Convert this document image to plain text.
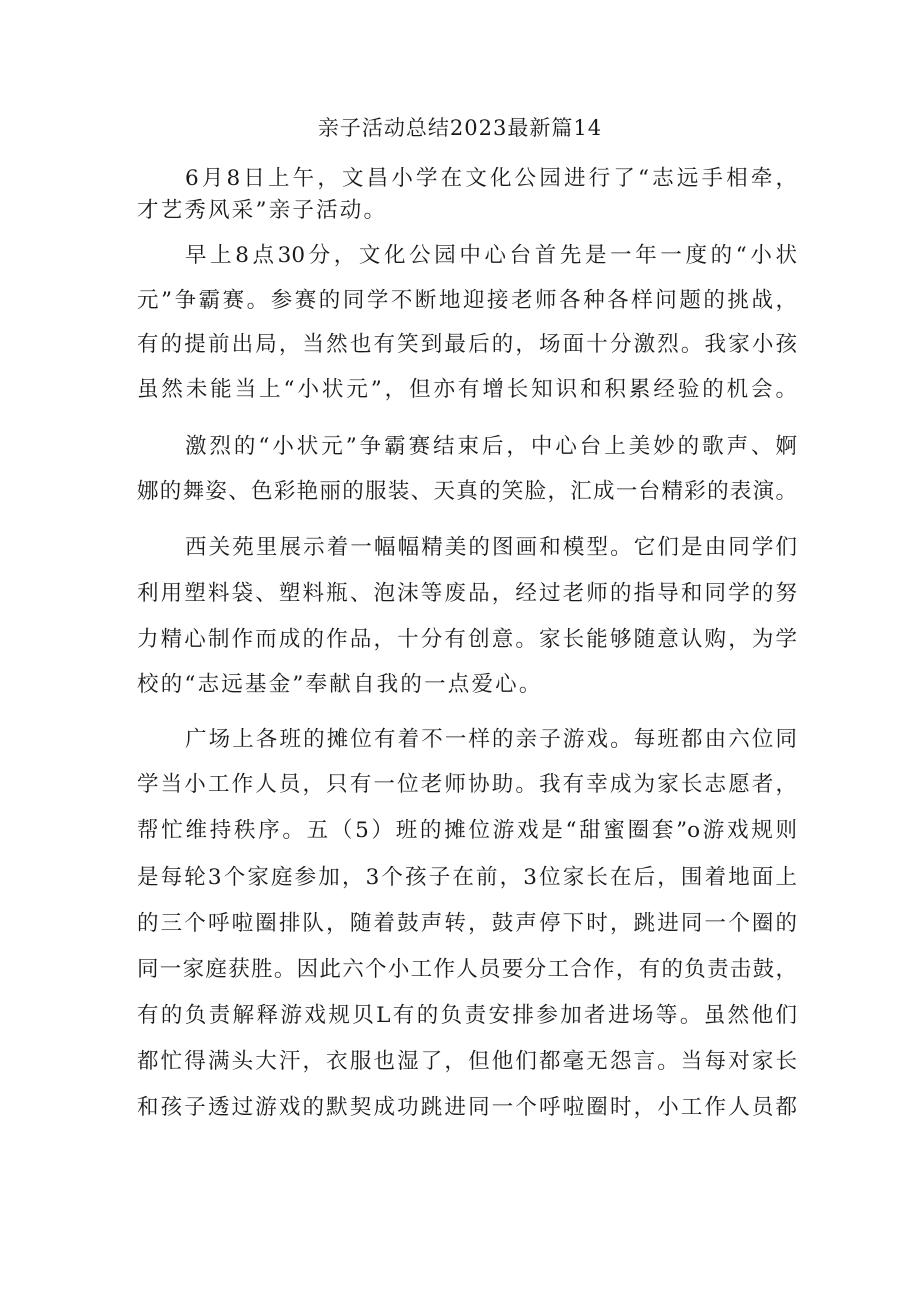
亲子活动总结2023最新篇14
6月8日上午，文昌小学在文化公园进行了“志远手相牵，
才艺秀风采”亲子活动。
早上8点30分，文化公园中心台首先是一年一度的“小状
元”争霸赛。参赛的同学不断地迎接老师各种各样问题的挑战，
有的提前出局，当然也有笑到最后的，场面十分激烈。我家小孩
虽然未能当上“小状元”，但亦有增长知识和积累经验的机会。
激烈的“小状元”争霸赛结束后，中心台上美妙的歌声、婀
娜的舞姿、色彩艳丽的服装、天真的笑脸，汇成一台精彩的表演。
西关苑里展示着一幅幅精美的图画和模型。它们是由同学们
利用塑料袋、塑料瓶、泡沫等废品，经过老师的指导和同学的努
力精心制作而成的作品，十分有创意。家长能够随意认购，为学
校的“志远基金”奉献自我的一点爱心。
广场上各班的摊位有着不一样的亲子游戏。每班都由六位同
学当小工作人员，只有一位老师协助。我有幸成为家长志愿者，
帮忙维持秩序。五（5）班的摊位游戏是“甜蜜圈套”o游戏规则
是每轮3个家庭参加，3个孩子在前，3位家长在后，围着地面上
的三个呼啦圈排队，随着鼓声转，鼓声停下时，跳进同一个圈的
同一家庭获胜。因此六个小工作人员要分工合作，有的负责击鼓，
有的负责解释游戏规贝L有的负责安排参加者进场等。虽然他们
都忙得满头大汗，衣服也湿了，但他们都毫无怨言。当每对家长
和孩子透过游戏的默契成功跳进同一个呼啦圈时，小工作人员都
